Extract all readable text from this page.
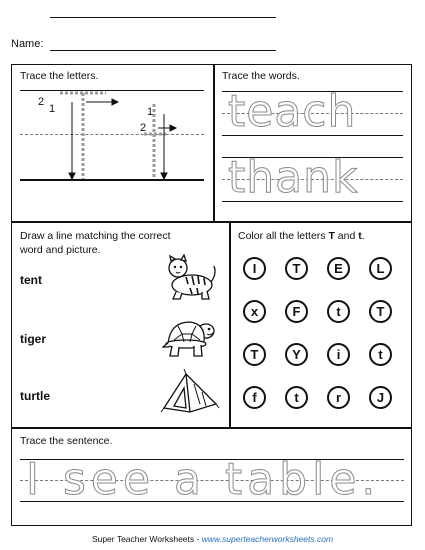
Name:
Trace the letters.
2
1	1
2
Trace the words.
teach
thank
Draw a line matching the correct
word and picture.
tent
tiger
turtle
Color all the letters T and t.
I	T	E	L
x	F	t	T
T	Y	i	t
f	t	r	J
Trace the sentence.
I see a table.
Super Teacher Worksheets - www.superteacherworksheets.com
